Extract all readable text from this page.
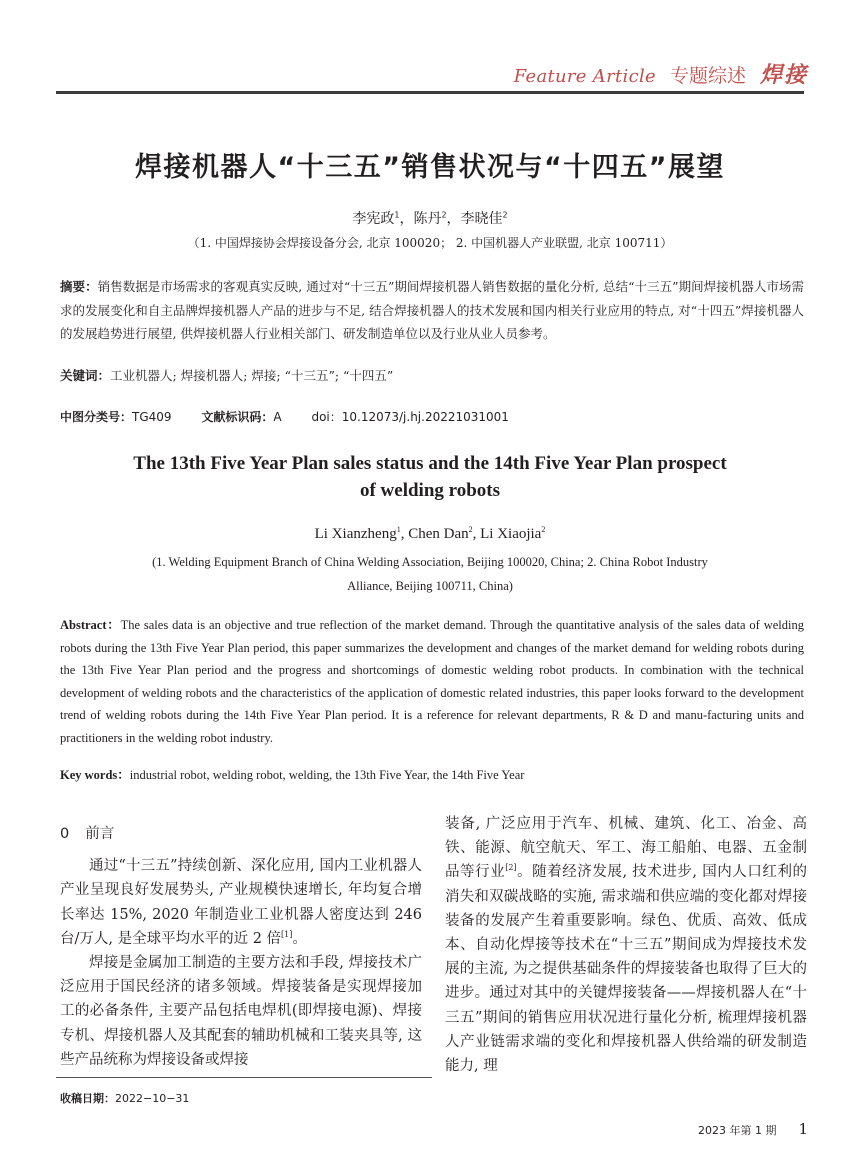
Feature Article 专题综述 焊接
焊接机器人“十三五”销售状况与“十四五”展望
李宪政$^1$，陈丹$^2$，李晓佳$^2$
（1. 中国焊接协会焊接设备分会, 北京 100020； 2. 中国机器人产业联盟, 北京 100711）
摘要：销售数据是市场需求的客观真实反映, 通过对“十三五”期间焊接机器人销售数据的量化分析, 总结“十三五”期间焊接机器人市场需求的发展变化和自主品牌焊接机器人产品的进步与不足, 结合焊接机器人的技术发展和国内相关行业应用的特点, 对“十四五”焊接机器人的发展趋势进行展望, 供焊接机器人行业相关部门、研发制造单位以及行业从业人员参考。
关键词：工业机器人; 焊接机器人; 焊接; “十三五”; “十四五”
中图分类号：TG409 文献标识码：A doi：10.12073/j.hj.20221031001
The 13th Five Year Plan sales status and the 14th Five Year Plan prospect
of welding robots
Li Xianzheng$^1$, Chen Dan$^2$, Li Xiaojia$^2$
(1. Welding Equipment Branch of China Welding Association, Beijing 100020, China; 2. China Robot Industry
Alliance, Beijing 100711, China)
Abstract：The sales data is an objective and true reflection of the market demand. Through the quantitative analysis of the sales data of welding robots during the 13th Five Year Plan period, this paper summarizes the development and changes of the market demand for welding robots during the 13th Five Year Plan period and the progress and shortcomings of domestic welding robot products. In combination with the technical development of welding robots and the characteristics of the application of domestic related industries, this paper looks forward to the development trend of welding robots during the 14th Five Year Plan period. It is a reference for relevant departments, R & D and manu-facturing units and practitioners in the welding robot industry.
Key words：industrial robot, welding robot, welding, the 13th Five Year, the 14th Five Year
0 前言

通过“十三五”持续创新、深化应用, 国内工业机器人产业呈现良好发展势头, 产业规模快速增长, 年均复合增长率达 15%, 2020 年制造业工业机器人密度达到 246 台/万人, 是全球平均水平的近 2 倍[1]。

焊接是金属加工制造的主要方法和手段, 焊接技术广泛应用于国民经济的诸多领域。焊接装备是实现焊接加工的必备条件, 主要产品包括电焊机(即焊接电源)、焊接专机、焊接机器人及其配套的辅助机械和工装夹具等, 这些产品统称为焊接设备或焊接

装备, 广泛应用于汽车、机械、建筑、化工、冶金、高铁、能源、航空航天、军工、海工船舶、电器、五金制品等行业[2]。随着经济发展, 技术进步, 国内人口红利的消失和双碳战略的实施, 需求端和供应端的变化都对焊接装备的发展产生着重要影响。绿色、优质、高效、低成本、自动化焊接等技术在“十三五”期间成为焊接技术发展的主流, 为之提供基础条件的焊接装备也取得了巨大的进步。通过对其中的关键焊接装备——焊接机器人在“十三五”期间的销售应用状况进行量化分析, 梳理焊接机器人产业链需求端的变化和焊接机器人供给端的研发制造能力, 理

收稿日期：2022−10−31
2023 年第 1 期 1
